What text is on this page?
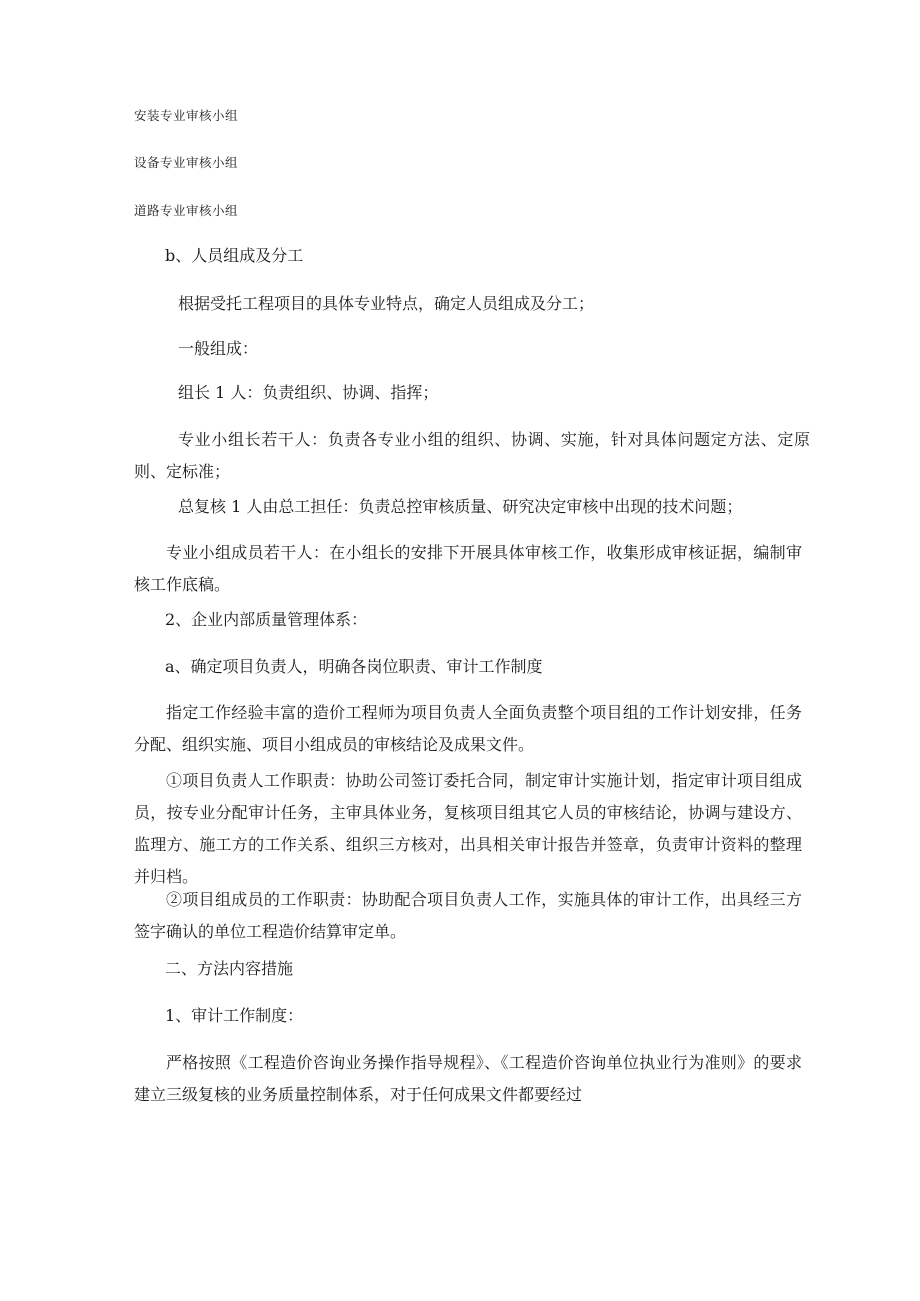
安装专业审核小组
设备专业审核小组
道路专业审核小组

b、人员组成及分工

根据受托工程项目的具体专业特点，确定人员组成及分工；

一般组成：

组长 1 人：负责组织、协调、指挥；

专业小组长若干人：负责各专业小组的组织、协调、实施，针对具体问题定方法、定原则、定标准；

总复核 1 人由总工担任：负责总控审核质量、研究决定审核中出现的技术问题；

专业小组成员若干人：在小组长的安排下开展具体审核工作，收集形成审核证据，编制审核工作底稿。

2、企业内部质量管理体系：

a、确定项目负责人，明确各岗位职责、审计工作制度

指定工作经验丰富的造价工程师为项目负责人全面负责整个项目组的工作计划安排，任务分配、组织实施、项目小组成员的审核结论及成果文件。

①项目负责人工作职责：协助公司签订委托合同，制定审计实施计划，指定审计项目组成员，按专业分配审计任务，主审具体业务，复核项目组其它人员的审核结论，协调与建设方、监理方、施工方的工作关系、组织三方核对，出具相关审计报告并签章，负责审计资料的整理并归档。

②项目组成员的工作职责：协助配合项目负责人工作，实施具体的审计工作，出具经三方签字确认的单位工程造价结算审定单。

二、方法内容措施

1、审计工作制度：

严格按照《工程造价咨询业务操作指导规程》、《工程造价咨询单位执业行为准则》的要求建立三级复核的业务质量控制体系，对于任何成果文件都要经过
